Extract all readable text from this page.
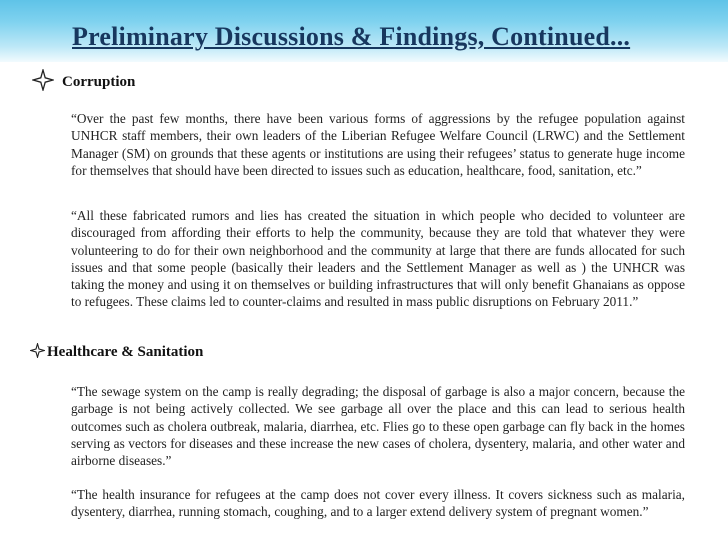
Preliminary Discussions & Findings, Continued...
Corruption
“Over the past few months, there have been various forms of aggressions by the refugee population against UNHCR staff members, their own leaders of the Liberian Refugee Welfare Council (LRWC) and the Settlement Manager (SM) on grounds that these agents or institutions are using their refugees’ status to generate huge income for themselves that should have been directed to issues such as education, healthcare, food, sanitation, etc.”
“All these fabricated rumors and lies has created the situation in which people who decided to volunteer are discouraged from affording their efforts to help the community, because they are told that whatever they were volunteering to do for their own neighborhood and the community at large that there are funds allocated for such issues and that some people (basically their leaders and the Settlement Manager as well as ) the UNHCR was taking the money and using it on themselves or building infrastructures that will only benefit Ghanaians as oppose to refugees. These claims led to counter-claims and resulted in mass public disruptions on February 2011.”
Healthcare & Sanitation
“The sewage system on the camp is really degrading; the disposal of garbage is also a major concern, because the garbage is not being actively collected. We see garbage all over the place and this can lead to serious health outcomes such as cholera outbreak, malaria, diarrhea, etc. Flies go to these open garbage can fly back in the homes serving as vectors for diseases and these increase the new cases of cholera, dysentery, malaria, and other water and airborne diseases.”
“The health insurance for refugees at the camp does not cover every illness. It covers sickness such as malaria, dysentery, diarrhea, running stomach, coughing, and to a larger extend delivery system of pregnant women.”
